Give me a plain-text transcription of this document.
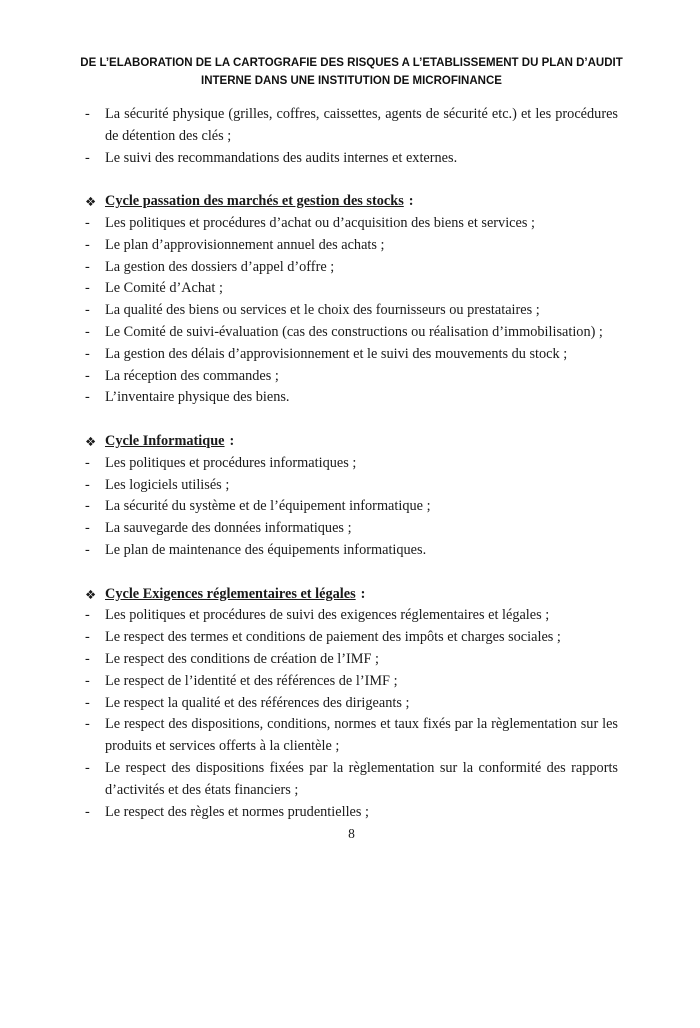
DE L’ELABORATION DE LA CARTOGRAFIE DES RISQUES A L’ETABLISSEMENT DU PLAN D’AUDIT
INTERNE DANS UNE INSTITUTION DE MICROFINANCE
-	La sécurité physique (grilles, coffres, caissettes, agents de sécurité etc.) et les procédures de détention des clés ;
-	Le suivi des recommandations des audits internes et externes.
❖ Cycle passation des marchés et gestion des stocks :
-	Les politiques et procédures d’achat ou d’acquisition des biens et services ;
-	Le plan d’approvisionnement annuel des achats ;
-	La gestion des dossiers d’appel d’offre ;
-	Le Comité d’Achat ;
-	La qualité des biens ou services et le choix des fournisseurs ou prestataires ;
-	Le Comité de suivi-évaluation (cas des constructions ou réalisation d’immobilisation) ;
-	La gestion des délais d’approvisionnement et le suivi des mouvements du stock ;
-	La réception des commandes ;
-	L’inventaire physique des biens.
❖ Cycle Informatique :
-	Les politiques et procédures informatiques ;
-	Les logiciels utilisés ;
-	La sécurité du système et de l’équipement informatique ;
-	La sauvegarde des données informatiques ;
-	Le plan de maintenance des équipements informatiques.
❖ Cycle Exigences réglementaires et légales :
-	Les politiques et procédures de suivi des exigences réglementaires et légales ;
-	Le respect des termes et conditions de paiement des impôts et charges sociales ;
-	Le respect des conditions de création de l’IMF ;
-	Le respect de l’identité et des références de l’IMF ;
-	Le respect la qualité et des références des dirigeants ;
-	Le respect des dispositions, conditions, normes et taux fixés par la règlementation sur les produits et services offerts à la clientèle ;
-	Le respect des dispositions fixées par la règlementation sur la conformité des rapports d’activités et des états financiers ;
-	Le respect des règles et normes prudentielles ;
8
